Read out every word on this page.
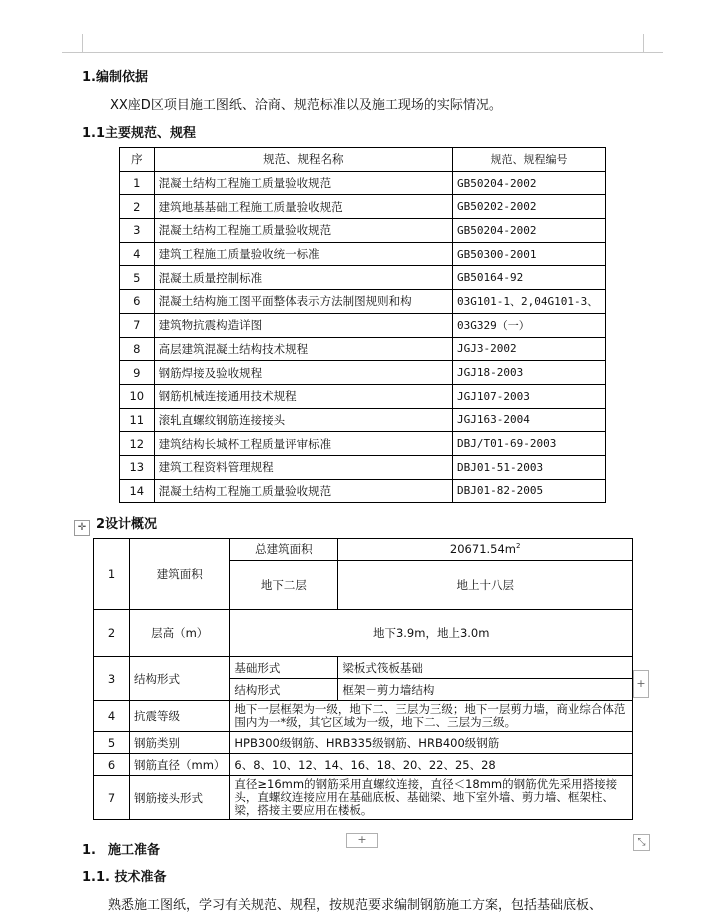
1.编制依据
XX座D区项目施工图纸、洽商、规范标准以及施工现场的实际情况。
1.1主要规范、规程
序	规范、规程名称	规范、规程编号
1	混凝土结构工程施工质量验收规范	GB50204-2002
2	建筑地基基础工程施工质量验收规范	GB50202-2002
3	混凝土结构工程施工质量验收规范	GB50204-2002
4	建筑工程施工质量验收统一标准	GB50300-2001
5	混凝土质量控制标准	GB50164-92
6	混凝土结构施工图平面整体表示方法制图规则和构	03G101-1、2,04G101-3、
7	建筑物抗震构造详图	03G329（一）
8	高层建筑混凝土结构技术规程	JGJ3-2002
9	钢筋焊接及验收规程	JGJ18-2003
10	钢筋机械连接通用技术规程	JGJ107-2003
11	滚轧直螺纹钢筋连接接头	JGJ163-2004
12	建筑结构长城杯工程质量评审标准	DBJ/T01-69-2003
13	建筑工程资料管理规程	DBJ01-51-2003
14	混凝土结构工程施工质量验收规范	DBJ01-82-2005
✛ 2设计概况
1	建筑面积	总建筑面积	$20671.54m^2$
		地下二层	地上十八层
2	层高（m）	地下3.9m，地上3.0m	
3	结构形式	基础形式	梁板式筏板基础
		结构形式	框架－剪力墙结构
4	抗震等级	地下一层框架为一级，地下二、三层为三级；地下一层剪力墙，商业综合体范围内为一*级，其它区域为一级，地下二、三层为三级。	
5	钢筋类别	HPB300级钢筋、HRB335级钢筋、HRB400级钢筋	
6	钢筋直径（mm）	6、8、10、12、14、16、18、20、22、25、28	
7	钢筋接头形式	直径≥16mm的钢筋采用直螺纹连接，直径＜18mm的钢筋优先采用搭接接头，直螺纹连接应用在基础底板、基础梁、地下室外墙、剪力墙、框架柱、梁，搭接主要应用在楼板。	
+
+	⤡
1. 施工准备
1.1. 技术准备
熟悉施工图纸，学习有关规范、规程，按规范要求编制钢筋施工方案，包括基础底板、
